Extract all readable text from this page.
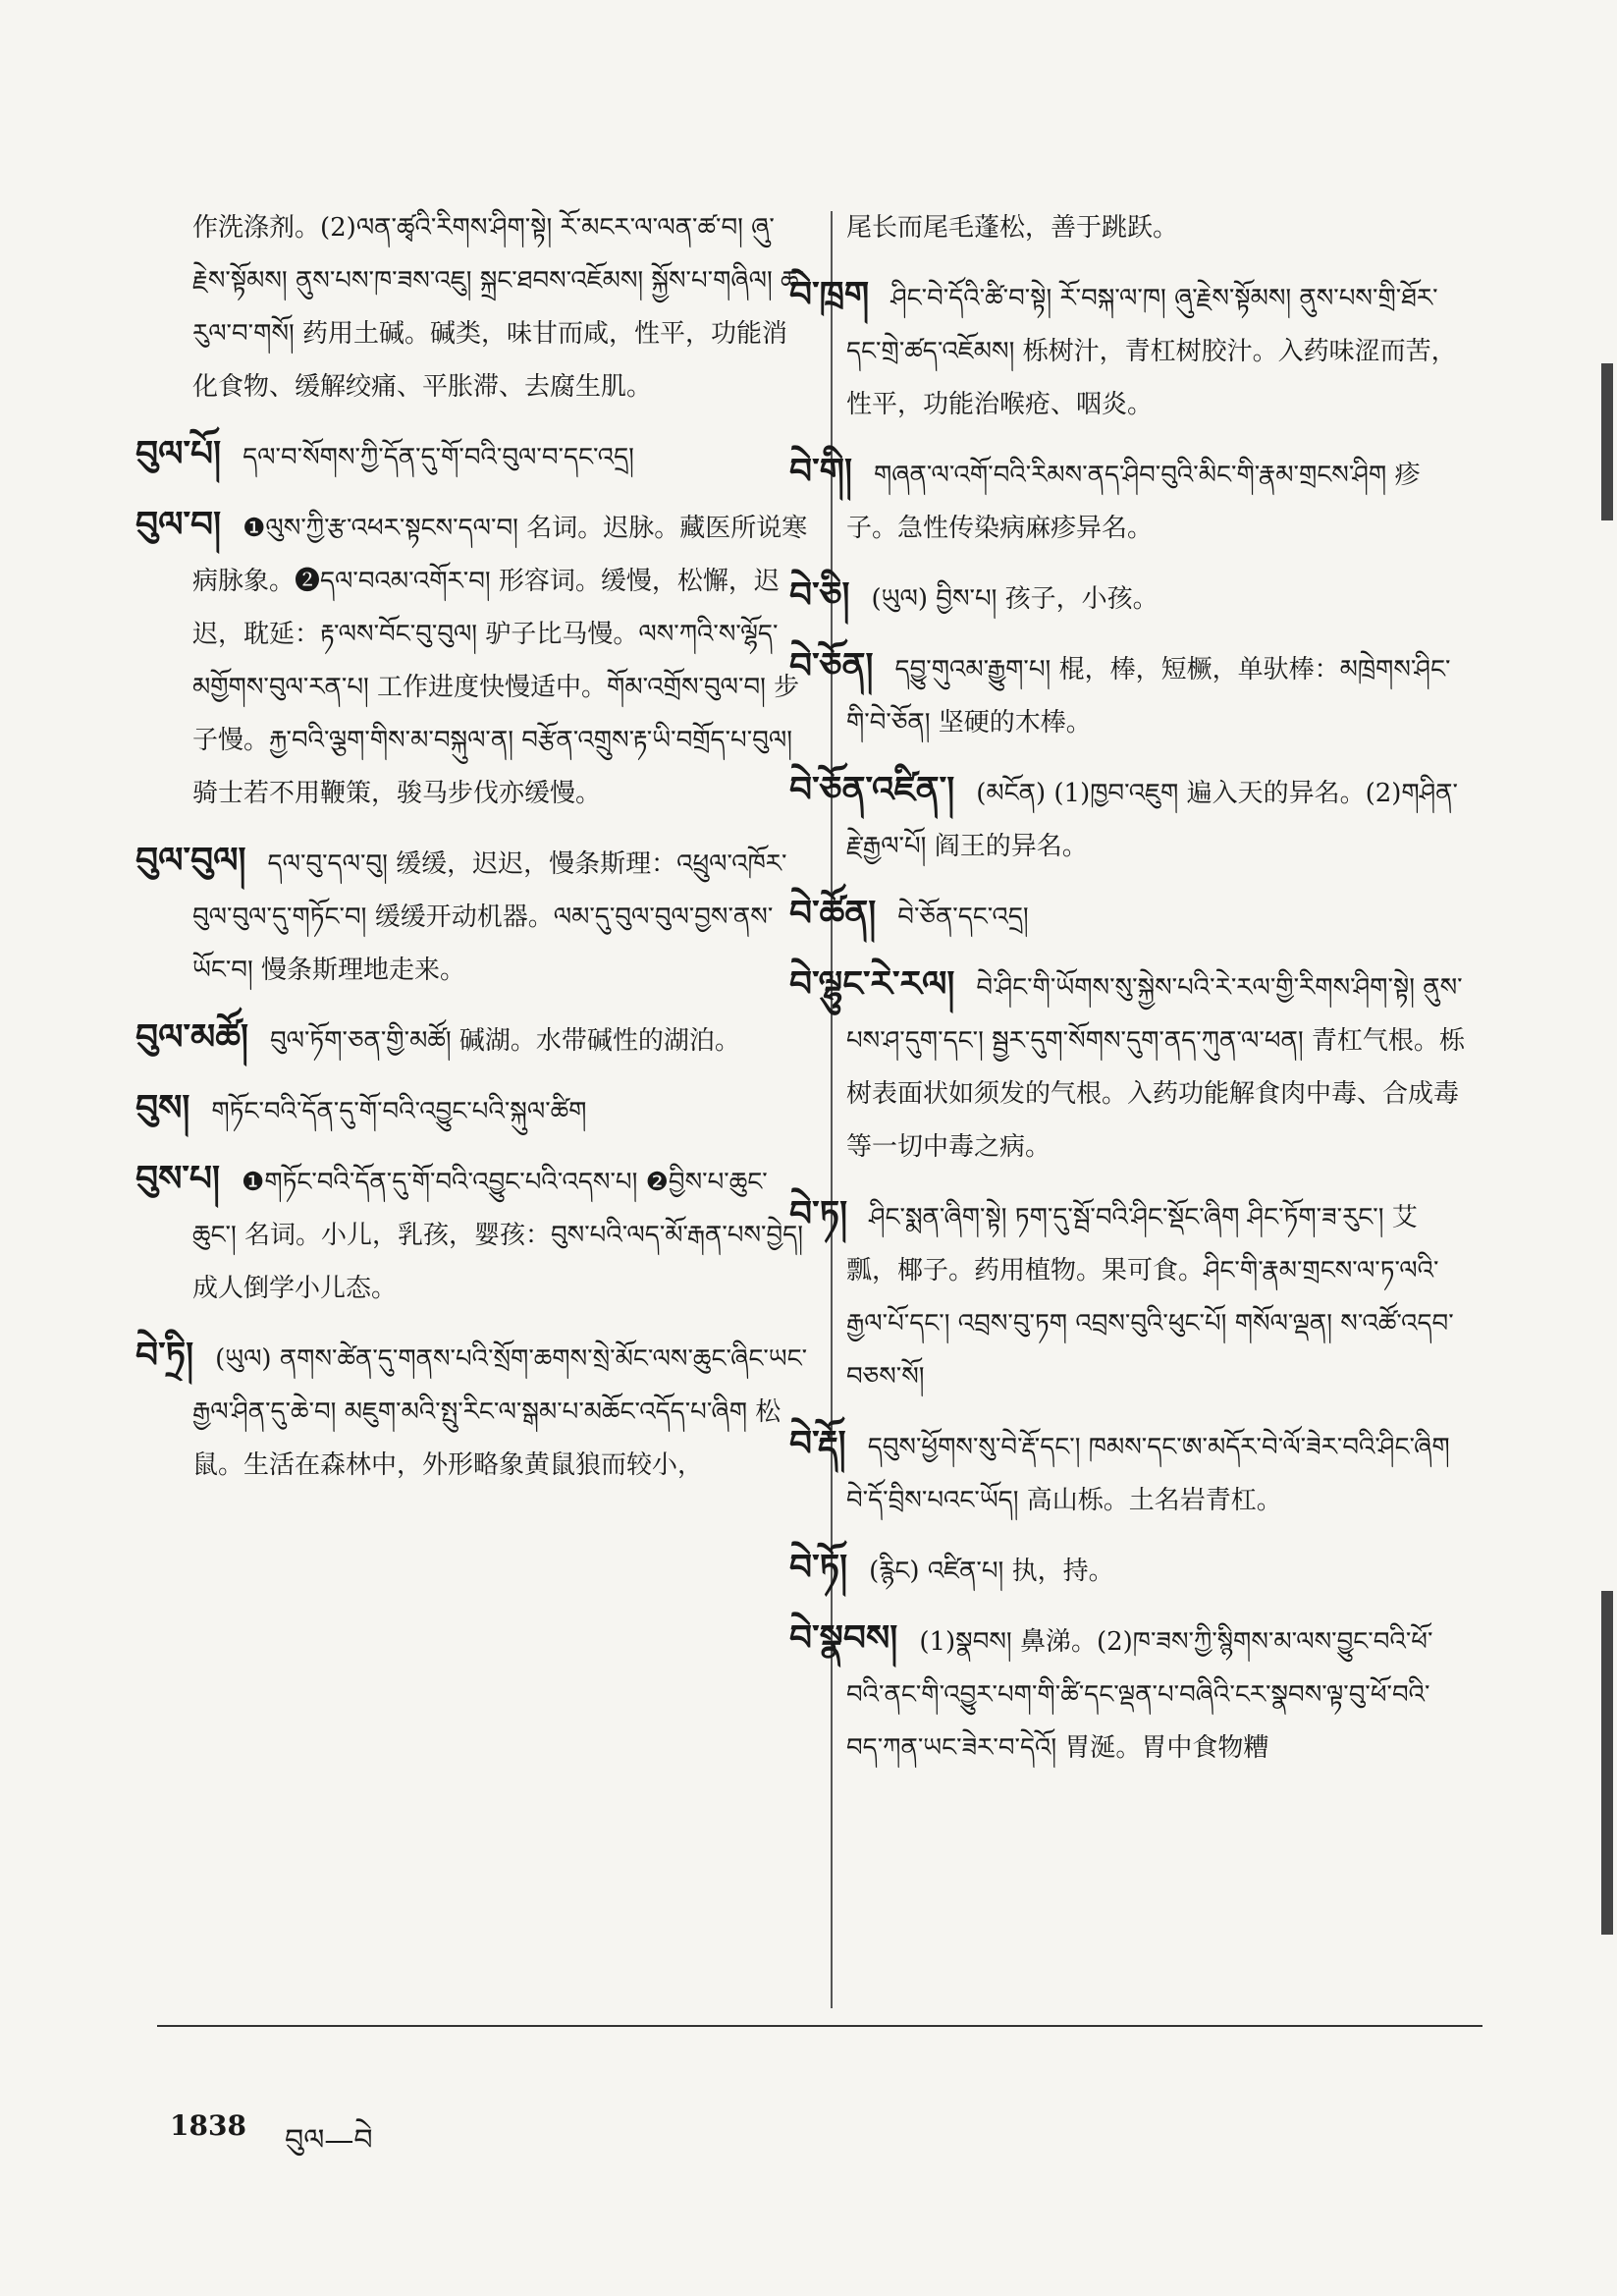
作洗涤剂。(2)ལན་ཚྭའི་རིགས་ཤིག་སྟེ། རོ་མངར་ལ་ལན་ཚ་བ། ཞུ་རྗེས་སྟོམས། ནུས་པས་ཁ་ཟས་འཇུ། སྐྲང་ཐབས་འཇོམས། སྐྱོས་པ་གཞིལ། ཆ་རུལ་བ་གསོ། 药用土碱。碱类，味甘而咸，性平，功能消化食物、缓解绞痛、平胀滞、去腐生肌。
བུལ་པོ། དལ་བ་སོགས་ཀྱི་དོན་དུ་གོ་བའི་བུལ་བ་དང་འདྲ།
བུལ་བ། ❶ལུས་ཀྱི་རྩ་འཕར་སྟངས་དལ་བ། 名词。迟脉。藏医所说寒病脉象。❷དལ་བའམ་འགོར་བ། 形容词。缓慢，松懈，迟迟，耽延：རྟ་ལས་བོང་བུ་བུལ། 驴子比马慢。ལས་ཀའི་ས་ལྷོད་མགྱོགས་བུལ་རན་པ། 工作进度快慢适中。གོམ་འགྲོས་བུལ་བ། 步子慢。རྐྱ་བའི་ལྕག་གིས་མ་བསྐུལ་ན། བརྩོན་འགྲུས་རྟ་ཡི་བགྲོད་པ་བུལ། 骑士若不用鞭策，骏马步伐亦缓慢。
བུལ་བུལ། དལ་བུ་དལ་བུ། 缓缓，迟迟，慢条斯理：འཕྲུལ་འཁོར་བུལ་བུལ་དུ་གཏོང་བ། 缓缓开动机器。ལམ་དུ་བུལ་བུལ་བྱས་ནས་ཡོང་བ། 慢条斯理地走来。
བུལ་མཚོ། བུལ་ཏོག་ཅན་གྱི་མཚོ། 碱湖。水带碱性的湖泊。
བུས། གཏོང་བའི་དོན་དུ་གོ་བའི་འབྱུང་པའི་སྐུལ་ཚིག
བུས་པ། ❶གཏོང་བའི་དོན་དུ་གོ་བའི་འབྱུང་པའི་འདས་པ། ❷བྱིས་པ་ཆུང་ཆུང་། 名词。小儿，乳孩，婴孩：བུས་པའི་ལད་མོ་རྒན་པས་བྱེད། 成人倒学小儿态。
བེ་ཏྲི། (ཡུལ) ནགས་ཚེན་དུ་གནས་པའི་སྲོག་ཆགས་སྲེ་མོང་ལས་ཆུང་ཞིང་ཡང་རྒྱལ་ཤིན་དུ་ཆེ་བ། མཇུག་མའི་སྤུ་རིང་ལ་སྒམ་པ་མཆོང་འདོད་པ་ཞིག 松鼠。生活在森林中，外形略象黄鼠狼而较小，
尾长而尾毛蓬松，善于跳跃。
བེ་ཁྲག ཤིང་བེ་དོའི་ཚི་བ་སྟེ། རོ་བསྐ་ལ་ཁ། ཞུ་རྗེས་སྟོམས། ནུས་པས་གྲི་ཐོར་དང་གྲེ་ཚད་འཇོམས། 栎树汁，青杠树胶汁。入药味涩而苦，性平，功能治喉疮、咽炎。
བེ་གི། གཞན་ལ་འགོ་བའི་རིམས་ནད་ཤིབ་བུའི་མིང་གི་རྣམ་གྲངས་ཤིག 疹子。急性传染病麻疹异名。
བེ་ཅི། (ཡུལ) བྱིས་པ། 孩子，小孩。
བེ་ཅོན། དབྱུ་གུའམ་རྒྱུག་པ། 棍，棒，短橛，单驮棒：མཁྲེགས་ཤིང་གི་བེ་ཅོན། 坚硬的木棒。
བེ་ཅོན་འཛིན་། (མངོན) (1)ཁྱབ་འཇུག 遍入天的异名。(2)གཤིན་རྗེ་རྒྱལ་པོ། 阎王的异名。
བེ་ཚོན། བེ་ཅོན་དང་འདྲ།
བེ་ལྷུང་རེ་རལ། བེ་ཤིང་གི་ཡོགས་སུ་སྐྱེས་པའི་རེ་རལ་གྱི་རིགས་ཤིག་སྟེ། ནུས་པས་ཤ་དུག་དང་། སྦྱར་དུག་སོགས་དུག་ནད་ཀུན་ལ་ཕན། 青杠气根。栎树表面状如须发的气根。入药功能解食肉中毒、合成毒等一切中毒之病。
བེ་ཏ། ཤིང་སྨན་ཞིག་སྟེ། ཏག་དུ་སྦོ་བའི་ཤིང་སྡོང་ཞིག ཤིང་ཏོག་ཟ་རུང་། 艾瓢，椰子。药用植物。果可食。ཤིང་གི་རྣམ་གྲངས་ལ་ཏ་ལའི་རྒྱལ་པོ་དང་། འབྲས་བུ་ཏག འབྲས་བུའི་ཕུང་པོ། གསོལ་ལྡན། ས་འཚོ་འདབ་བཅས་སོ།
བེ་རྡོ། དབུས་ཕྱོགས་སུ་བེ་རྡོ་དང་། ཁམས་དང་ཨ་མདོར་བེ་ལོ་ཟེར་བའི་ཤིང་ཞིག བེ་དོ་བྲིས་པའང་ཡོད། 高山栎。土名岩青杠。
བེ་ཏོ། (རྙིང) འཛིན་པ། 执，持。
བེ་སྣབས། (1)སྣབས། 鼻涕。(2)ཁ་ཟས་ཀྱི་སྙིགས་མ་ལས་བྱུང་བའི་ཕོ་བའི་ནང་གི་འབྱུར་པག་གི་ཚི་དང་ལྡན་པ་བཞིའི་ངར་སྣབས་ལྟ་བུ་ཕོ་བའི་བད་ཀན་ཡང་ཟེར་བ་དེའོ། 胃涎。胃中食物糟
1838 བུལ—བེ
